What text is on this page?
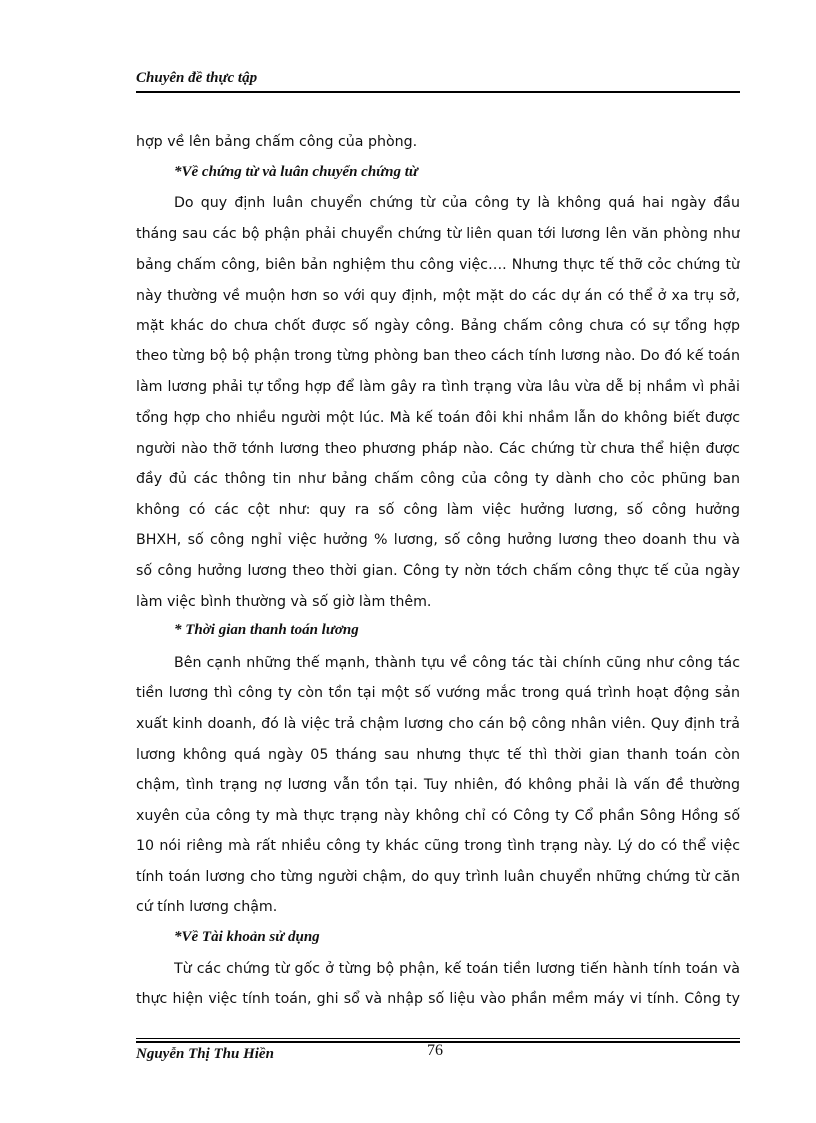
Chuyên đề thực tập
hợp về lên bảng chấm công của phòng.
*Về chứng từ và luân chuyển chứng từ
Do quy định luân chuyển chứng từ của công ty là không quá hai ngày đầu
tháng sau các bộ phận phải chuyển chứng từ liên quan tới lương lên văn phòng như
bảng chấm công, biên bản nghiệm thu công việc…. Nhưng thực tế thỡ cỏc chứng từ
này thường về muộn hơn so với quy định, một mặt do các dự án có thể ở xa trụ sở,
mặt khác do chưa chốt được số ngày công. Bảng chấm công chưa có sự tổng hợp
theo từng bộ bộ phận trong từng phòng ban theo cách tính lương nào. Do đó kế toán
làm lương phải tự tổng hợp để làm gây ra tình trạng vừa lâu vừa dễ bị nhầm vì phải
tổng hợp cho nhiều người một lúc. Mà kế toán đôi khi nhầm lẫn do không biết được
người nào thỡ tớnh lương theo phương pháp nào. Các chứng từ chưa thể hiện được
đầy đủ các thông tin như bảng chấm công của công ty dành cho cỏc phũng ban
không có các cột như: quy ra số công làm việc hưởng lương, số công hưởng
BHXH, số công nghỉ việc hưởng % lương, số công hưởng lương theo doanh thu và
số công hưởng lương theo thời gian. Công ty nờn tớch chấm công thực tế của ngày
làm việc bình thường và số giờ làm thêm.
* Thời gian thanh toán lương
Bên cạnh những thế mạnh, thành tựu về công tác tài chính cũng như công tác
tiền lương thì công ty còn tồn tại một số vướng mắc trong quá trình hoạt động sản
xuất kinh doanh, đó là việc trả chậm lương cho cán bộ công nhân viên. Quy định trả
lương không quá ngày 05 tháng sau nhưng thực tế thì thời gian thanh toán còn
chậm, tình trạng nợ lương vẫn tồn tại. Tuy nhiên, đó không phải là vấn đề thường
xuyên của công ty mà thực trạng này không chỉ có Công ty Cổ phần Sông Hồng số
10 nói riêng mà rất nhiều công ty khác cũng trong tình trạng này. Lý do có thể việc
tính toán lương cho từng người chậm, do quy trình luân chuyển những chứng từ căn
cứ tính lương chậm.
*Về Tài khoản sử dụng
Từ các chứng từ gốc ở từng bộ phận, kế toán tiền lương tiến hành tính toán và
thực hiện việc tính toán, ghi sổ và nhập số liệu vào phần mềm máy vi tính. Công ty
Nguyễn Thị Thu Hiền	76
